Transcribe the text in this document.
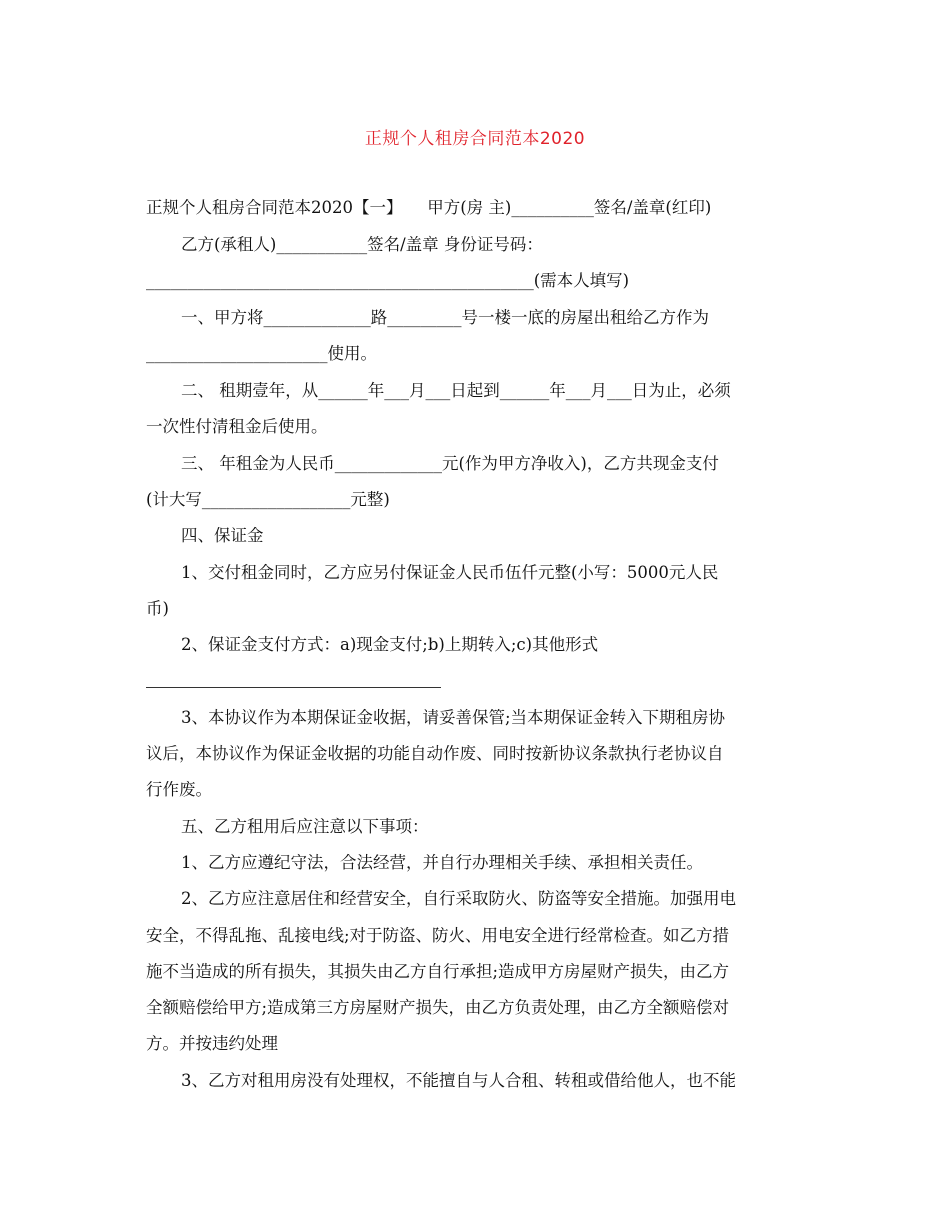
正规个人租房合同范本2020
正规个人租房合同范本2020【一】　　甲方(房 主)__________签名/盖章(红印)
乙方(承租人)___________签名/盖章 身份证号码：
_______________________________________________(需本人填写)
一、甲方将_____________路_________号一楼一底的房屋出租给乙方作为
______________________使用。
二、 租期壹年，从______年___月___日起到______年___月___日为止，必须
一次性付清租金后使用。
三、 年租金为人民币_____________元(作为甲方净收入)，乙方共现金支付
(计大写__________________元整)
四、保证金
1、交付租金同时，乙方应另付保证金人民币伍仟元整(小写：5000元人民
币)
2、保证金支付方式：a)现金支付;b)上期转入;c)其他形式
3、本协议作为本期保证金收据，请妥善保管;当本期保证金转入下期租房协
议后，本协议作为保证金收据的功能自动作废、同时按新协议条款执行老协议自
行作废。
五、乙方租用后应注意以下事项：
1、乙方应遵纪守法，合法经营，并自行办理相关手续、承担相关责任。
2、乙方应注意居住和经营安全，自行采取防火、防盗等安全措施。加强用电
安全，不得乱拖、乱接电线;对于防盗、防火、用电安全进行经常检查。如乙方措
施不当造成的所有损失，其损失由乙方自行承担;造成甲方房屋财产损失，由乙方
全额赔偿给甲方;造成第三方房屋财产损失，由乙方负责处理，由乙方全额赔偿对
方。并按违约处理
3、乙方对租用房没有处理权，不能擅自与人合租、转租或借给他人，也不能
